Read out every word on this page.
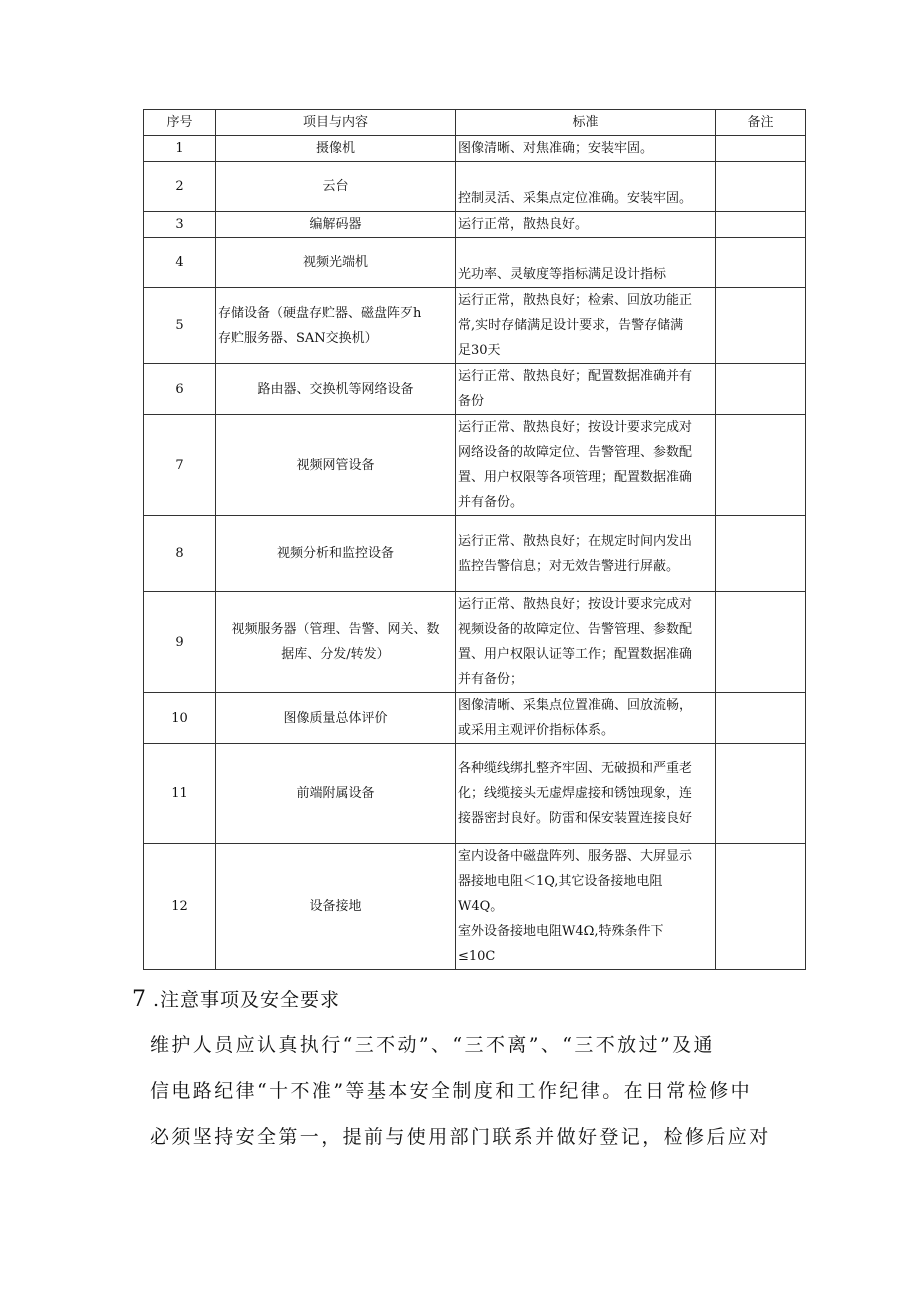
序号	项目与内容	标准	备注
1	摄像机	图像清晰、对焦准确；安装牢固。	

2	云台	控制灵活、采集点定位准确。安装牢固。	

3	编解码器	运行正常，散热良好。	

4	视频光端机	光功率、灵敏度等指标满足设计指标	

5	存储设备（硬盘存贮器、磁盘阵歹h
存贮服务器、SAN交换机）	运行正常，散热良好；检索、回放功能正
常,实时存储满足设计要求，告警存储满
足30天	

6	路由器、交换机等网络设备	运行正常、散热良好；配置数据准确并有
备份	

7	视频网管设备	运行正常、散热良好；按设计要求完成对
网络设备的故障定位、告警管理、参数配
置、用户权限等各项管理；配置数据准确
并有备份。	

8	视频分析和监控设备	运行正常、散热良好；在规定时间内发出
监控告警信息；对无效告警进行屏蔽。	

9	视频服务器（管理、告警、网关、数
据库、分发/转发）	运行正常、散热良好；按设计要求完成对
视频设备的故障定位、告警管理、参数配
置、用户权限认证等工作；配置数据准确
并有备份；	

10	图像质量总体评价	图像清晰、采集点位置准确、回放流畅，
或采用主观评价指标体系。	

11	前端附属设备	各种缆线绑扎整齐牢固、无破损和严重老
化；线缆接头无虚焊虚接和锈蚀现象，连
接器密封良好。防雷和保安装置连接良好	

12	设备接地	室内设备中磁盘阵列、服务器、大屏显示
器接地电阻＜1Q,其它设备接地电阻
W4Q。
室外设备接地电阻W4Ω,特殊条件下
≤10C	

7 .注意事项及安全要求
维护人员应认真执行“三不动”、“三不离”、“三不放过”及通
信电路纪律“十不准”等基本安全制度和工作纪律。在日常检修中
必须坚持安全第一，提前与使用部门联系并做好登记，检修后应对
